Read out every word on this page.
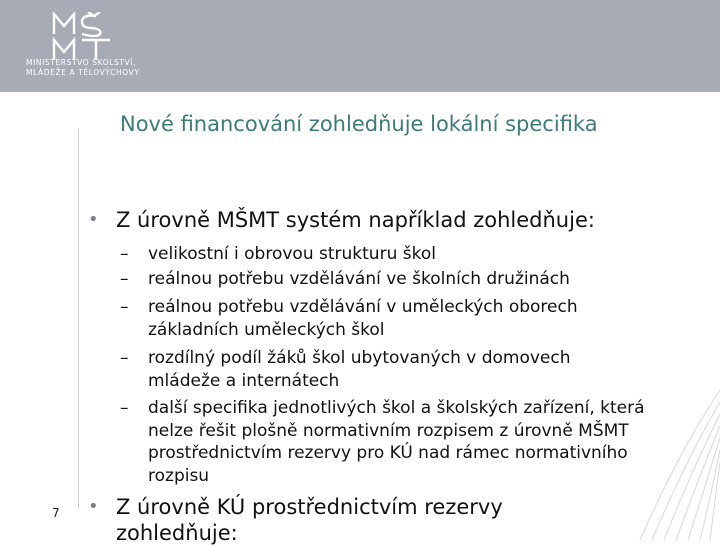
MINISTERSTVO ŠKOLSTVÍ,
MLÁDEŽE A TĚLOVÝCHOVY
Nové financování zohledňuje lokální specifika
• Z úrovně MŠMT systém například zohledňuje:
– velikostní i obrovou strukturu škol
– reálnou potřebu vzdělávání ve školních družinách
– reálnou potřebu vzdělávání v uměleckých oborech základních uměleckých škol
– rozdílný podíl žáků škol ubytovaných v domovech mládeže a internátech
– další specifika jednotlivých škol a školských zařízení, která nelze řešit plošně normativním rozpisem z úrovně MŠMT prostřednictvím rezervy pro KÚ nad rámec normativního rozpisu
• Z úrovně KÚ prostřednictvím rezervy zohledňuje:
7
